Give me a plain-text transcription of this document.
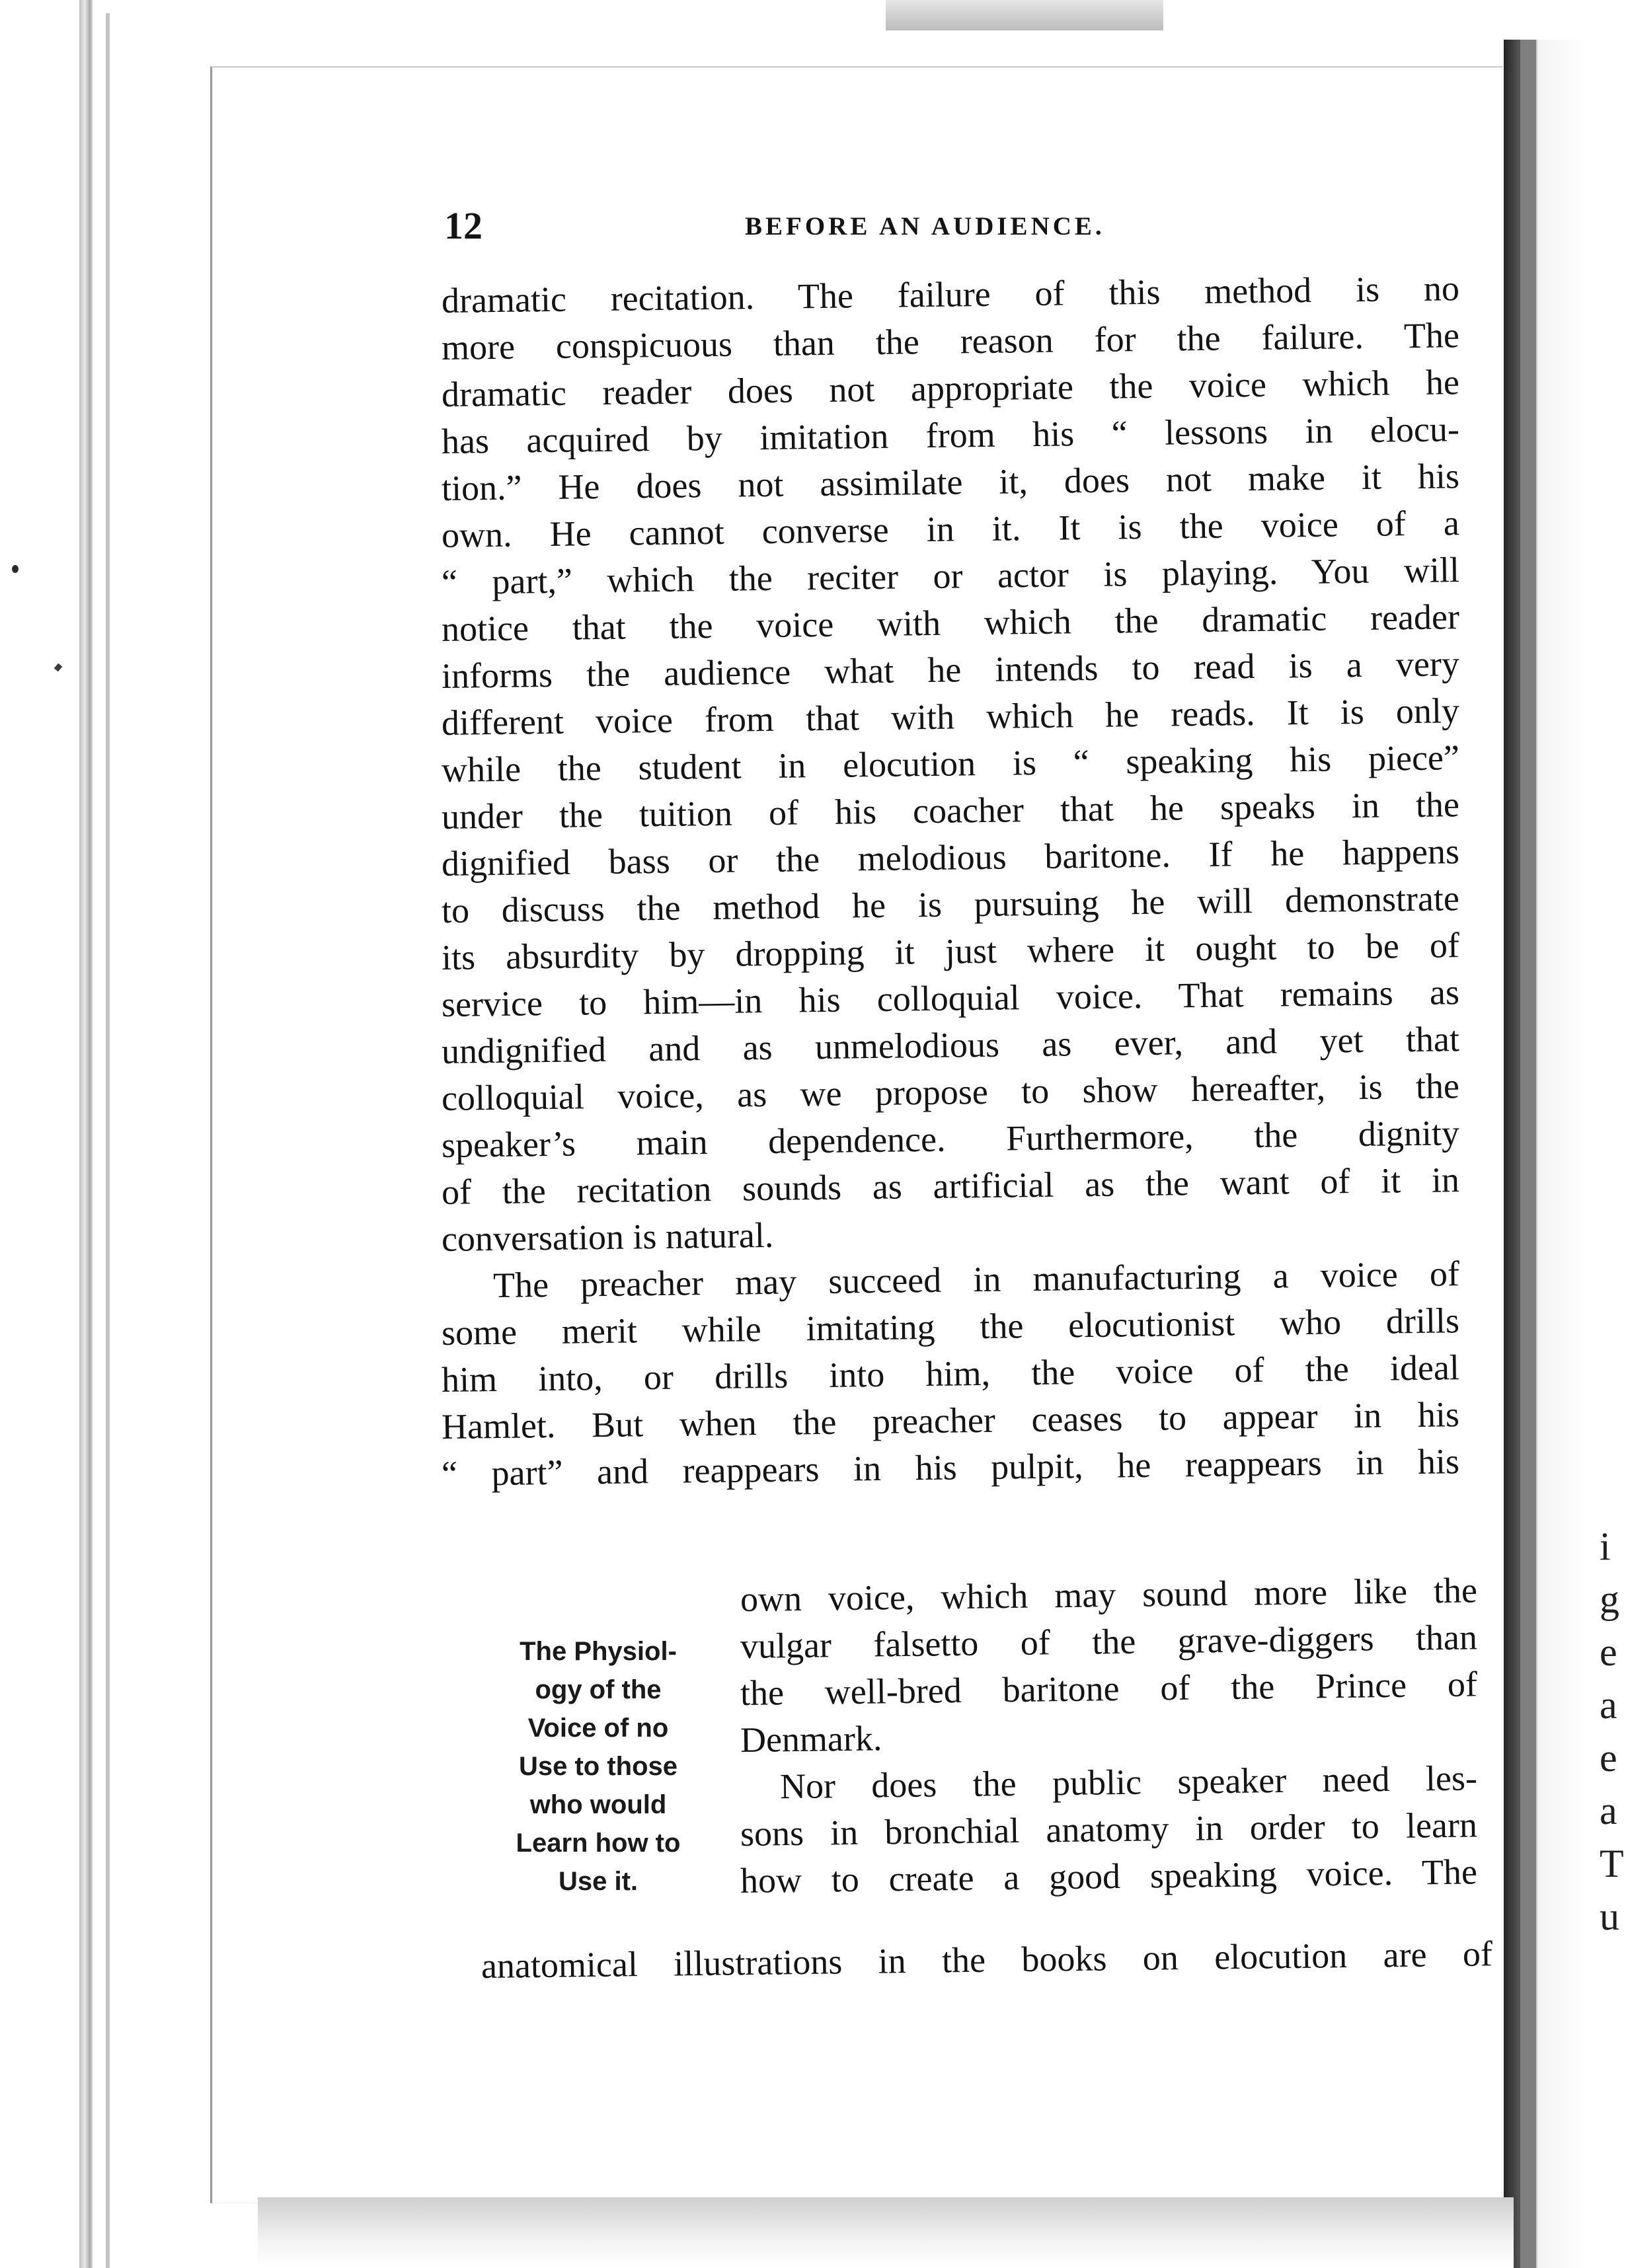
i
g
e
a
e
a
T
u
12	BEFORE AN AUDIENCE.
dramatic recitation. The failure of this method is no
more conspicuous than the reason for the failure. The
dramatic reader does not appropriate the voice which he
has acquired by imitation from his “ lessons in elocu-
tion.” He does not assimilate it, does not make it his
own. He cannot converse in it. It is the voice of a
“ part,” which the reciter or actor is playing. You will
notice that the voice with which the dramatic reader
informs the audience what he intends to read is a very
different voice from that with which he reads. It is only
while the student in elocution is “ speaking his piece”
under the tuition of his coacher that he speaks in the
dignified bass or the melodious baritone. If he happens
to discuss the method he is pursuing he will demonstrate
its absurdity by dropping it just where it ought to be of
service to him—in his colloquial voice. That remains as
undignified and as unmelodious as ever, and yet that
colloquial voice, as we propose to show hereafter, is the
speaker’s main dependence. Furthermore, the dignity
of the recitation sounds as artificial as the want of it in
conversation is natural.
The preacher may succeed in manufacturing a voice of
some merit while imitating the elocutionist who drills
him into, or drills into him, the voice of the ideal
Hamlet. But when the preacher ceases to appear in his
“ part” and reappears in his pulpit, he reappears in his
own voice, which may sound more like the
vulgar falsetto of the grave-diggers than
the well-bred baritone of the Prince of
Denmark.
Nor does the public speaker need les-
sons in bronchial anatomy in order to learn
how to create a good speaking voice. The
anatomical illustrations in the books on elocution are of
The Physiol-
ogy of the
Voice of no
Use to those
who would
Learn how to
Use it.
